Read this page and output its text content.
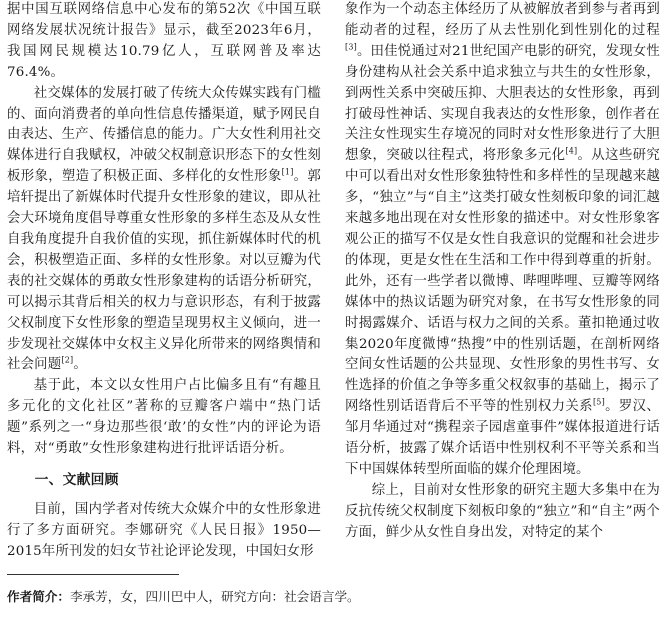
据中国互联网络信息中心发布的第52次《中国互联网络发展状况统计报告》显示，截至2023年6月，我国网民规模达10.79亿人，互联网普及率达76.4%。

社交媒体的发展打破了传统大众传媒实践有门槛的、面向消费者的单向性信息传播渠道，赋予网民自由表达、生产、传播信息的能力。广大女性利用社交媒体进行自我赋权，冲破父权制意识形态下的女性刻板形象，塑造了积极正面、多样化的女性形象[1]。郭培轩提出了新媒体时代提升女性形象的建议，即从社会大环境角度倡导尊重女性形象的多样生态及从女性自我角度提升自我价值的实现，抓住新媒体时代的机会，积极塑造正面、多样的女性形象。对以豆瓣为代表的社交媒体的勇敢女性形象建构的话语分析研究，可以揭示其背后相关的权力与意识形态，有利于披露父权制度下女性形象的塑造呈现男权主义倾向，进一步发现社交媒体中女权主义异化所带来的网络舆情和社会问题[2]。

基于此，本文以女性用户占比偏多且有“有趣且多元化的文化社区”著称的豆瓣客户端中“热门话题”系列之一“身边那些很‘敢’的女性”内的评论为语料，对“勇敢”女性形象建构进行批评话语分析。

一、文献回顾

目前，国内学者对传统大众媒介中的女性形象进行了多方面研究。李娜研究《人民日报》1950—2015年所刊发的妇女节社论评论发现，中国妇女形

象作为一个动态主体经历了从被解放者到参与者再到能动者的过程，经历了从去性别化到性别化的过程[3]。田佳悦通过对21世纪国产电影的研究，发现女性身份建构从社会关系中追求独立与共生的女性形象，到两性关系中突破压抑、大胆表达的女性形象，再到打破母性神话、实现自我表达的女性形象，创作者在关注女性现实生存境况的同时对女性形象进行了大胆想象，突破以往程式，将形象多元化[4]。从这些研究中可以看出对女性形象独特性和多样性的呈现越来越多，“独立”与“自主”这类打破女性刻板印象的词汇越来越多地出现在对女性形象的描述中。对女性形象客观公正的描写不仅是女性自我意识的觉醒和社会进步的体现，更是女性在生活和工作中得到尊重的折射。此外，还有一些学者以微博、哔哩哔哩、豆瓣等网络媒体中的热议话题为研究对象，在书写女性形象的同时揭露媒介、话语与权力之间的关系。董扣艳通过收集2020年度微博“热搜”中的性别话题，在剖析网络空间女性话题的公共显现、女性形象的男性书写、女性选择的价值之争等多重父权叙事的基础上，揭示了网络性别话语背后不平等的性别权力关系[5]。罗汉、邹月华通过对“携程亲子园虐童事件”媒体报道进行话语分析，披露了媒介话语中性别权利不平等关系和当下中国媒体转型所面临的媒介伦理困境。

综上，目前对女性形象的研究主题大多集中在为反抗传统父权制度下刻板印象的“独立”和“自主”两个方面，鲜少从女性自身出发，对特定的某个

作者简介：李承芳，女，四川巴中人，研究方向：社会语言学。
